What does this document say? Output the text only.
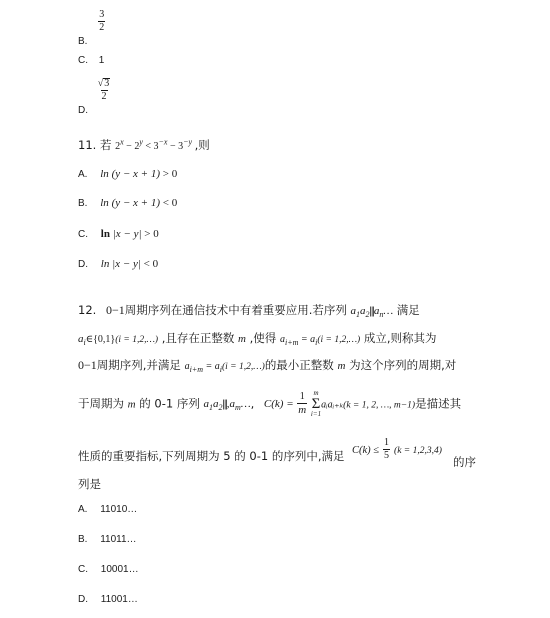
B.
$\frac{3}{2}$
C. 1
D.
$\frac{√ 3}{2}$
11. 若 $2^x - 2^y < 3^{-x} - 3^{-y}$ ,则
A. ln (y − x + 1) > 0
B. ln (y − x + 1) < 0
C. ln |x − y| > 0
D. ln |x − y| < 0
12. 0−1周期序列在通信技术中有着重要应用.若序列 $a_1a_2|||a_n\dots$ 满足
$a_i\in\{0,1\}(i$ = 1,2,…) ,且存在正整数 m ,使得 $a_{i+m} = a_i(i$ = 1,2,…) 成立,则称其为
0−1周期序列,并满足 $a_{i+m} = a_i(i$ = 1,2,…)的最小正整数 m 为这个序列的周期,对
于周期为 m 的 0-1 序列 $a_1a_2|||,a_m\dots$, $C(k) = \frac{1}{m}$
m
Σ
i=1
aᵢaᵢ₊ₖ(k = 1, 2, …, m−1)是描述其
性质的重要指标,下列周期为 5 的 0-1 的序列中,满足 $C(k) \le \frac{1}{5} (k = 1,2,3,4)$
的序
列是
A. 11010…
B. 11011…
C. 10001…
D. 11001…
